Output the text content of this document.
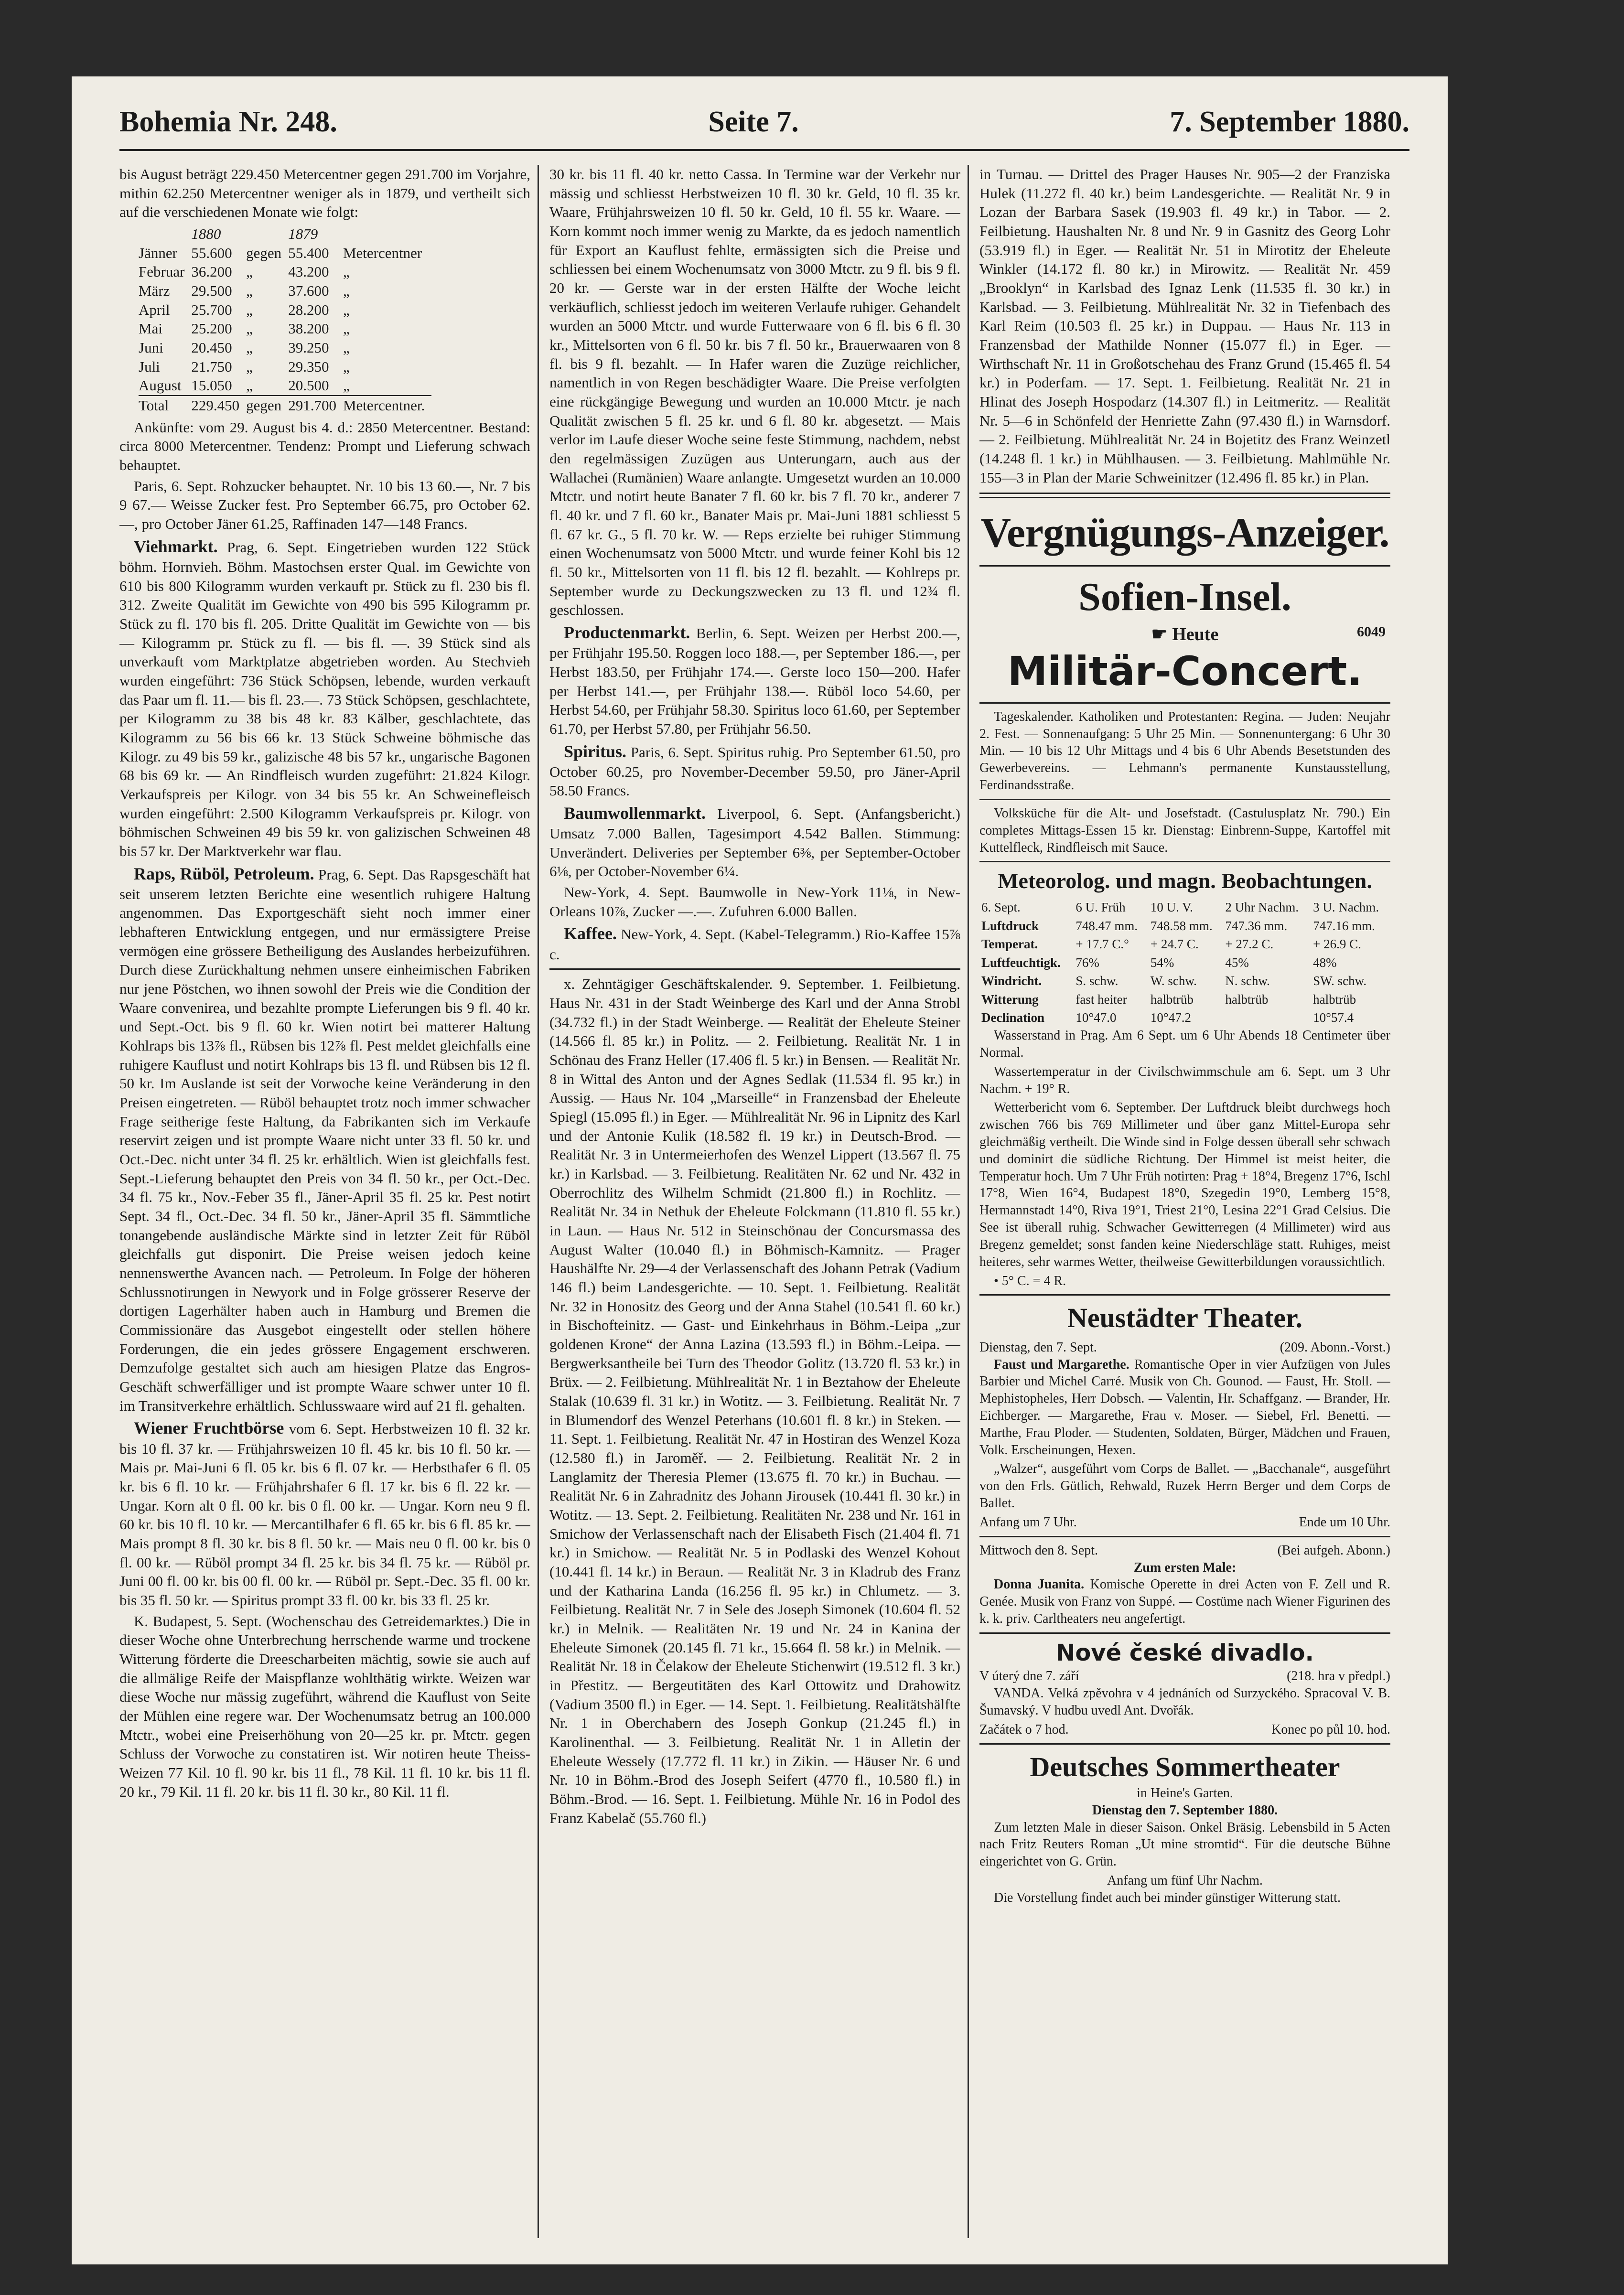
Bohemia Nr. 248.	Seite 7.	7. September 1880.

bis August beträgt 229.450 Metercentner gegen 291.700 im Vorjahre, mithin 62.250 Metercentner weniger als in 1879, und vertheilt sich auf die verschiedenen Monate wie folgt:

	1880		1879	
Jänner	55.600	gegen	55.400	Metercentner
Februar	36.200	„	43.200	„
März	29.500	„	37.600	„
April	25.700	„	28.200	„
Mai	25.200	„	38.200	„
Juni	20.450	„	39.250	„
Juli	21.750	„	29.350	„
August	15.050	„	20.500	„
Total	229.450	gegen	291.700	Metercentner.

Ankünfte: vom 29. August bis 4. d.: 2850 Metercentner. Bestand: circa 8000 Metercentner. Tendenz: Prompt und Lieferung schwach behauptet.

Paris, 6. Sept. Rohzucker behauptet. Nr. 10 bis 13 60.—, Nr. 7 bis 9 67.— Weisse Zucker fest. Pro September 66.75, pro October 62.—, pro October Jäner 61.25, Raffinaden 147—148 Francs.

Viehmarkt. Prag, 6. Sept. Eingetrieben wurden 122 Stück böhm. Hornvieh. Böhm. Mastochsen erster Qual. im Gewichte von 610 bis 800 Kilogramm wurden verkauft pr. Stück zu fl. 230 bis fl. 312. Zweite Qualität im Gewichte von 490 bis 595 Kilogramm pr. Stück zu fl. 170 bis fl. 205. Dritte Qualität im Gewichte von — bis — Kilogramm pr. Stück zu fl. — bis fl. —. 39 Stück sind als unverkauft vom Marktplatze abgetrieben worden. Au Stechvieh wurden eingeführt: 736 Stück Schöpsen, lebende, wurden verkauft das Paar um fl. 11.— bis fl. 23.—. 73 Stück Schöpsen, geschlachtete, per Kilogramm zu 38 bis 48 kr. 83 Kälber, geschlachtete, das Kilogramm zu 56 bis 66 kr. 13 Stück Schweine böhmische das Kilogr. zu 49 bis 59 kr., galizische 48 bis 57 kr., ungarische Bagonen 68 bis 69 kr. — An Rindfleisch wurden zugeführt: 21.824 Kilogr. Verkaufspreis per Kilogr. von 34 bis 55 kr. An Schweinefleisch wurden eingeführt: 2.500 Kilogramm Verkaufspreis pr. Kilogr. von böhmischen Schweinen 49 bis 59 kr. von galizischen Schweinen 48 bis 57 kr. Der Marktverkehr war flau.

Raps, Rüböl, Petroleum. Prag, 6. Sept. Das Rapsgeschäft hat seit unserem letzten Berichte eine wesentlich ruhigere Haltung angenommen. Das Exportgeschäft sieht noch immer einer lebhafteren Entwicklung entgegen, und nur ermässigtere Preise vermögen eine grössere Betheiligung des Auslandes herbeizuführen. Durch diese Zurückhaltung nehmen unsere einheimischen Fabriken nur jene Pöstchen, wo ihnen sowohl der Preis wie die Condition der Waare convenirea, und bezahlte prompte Lieferungen bis 9 fl. 40 kr. und Sept.-Oct. bis 9 fl. 60 kr. Wien notirt bei matterer Haltung Kohlraps bis 13⅞ fl., Rübsen bis 12⅞ fl. Pest meldet gleichfalls eine ruhigere Kauflust und notirt Kohlraps bis 13 fl. und Rübsen bis 12 fl. 50 kr. Im Auslande ist seit der Vorwoche keine Veränderung in den Preisen eingetreten. — Rüböl behauptet trotz noch immer schwacher Frage seitherige feste Haltung, da Fabrikanten sich im Verkaufe reservirt zeigen und ist prompte Waare nicht unter 33 fl. 50 kr. und Oct.-Dec. nicht unter 34 fl. 25 kr. erhältlich. Wien ist gleichfalls fest. Sept.-Lieferung behauptet den Preis von 34 fl. 50 kr., per Oct.-Dec. 34 fl. 75 kr., Nov.-Feber 35 fl., Jäner-April 35 fl. 25 kr. Pest notirt Sept. 34 fl., Oct.-Dec. 34 fl. 50 kr., Jäner-April 35 fl. Sämmtliche tonangebende ausländische Märkte sind in letzter Zeit für Rüböl gleichfalls gut disponirt. Die Preise weisen jedoch keine nennenswerthe Avancen nach. — Petroleum. In Folge der höheren Schlussnotirungen in Newyork und in Folge grösserer Reserve der dortigen Lagerhälter haben auch in Hamburg und Bremen die Commissionäre das Ausgebot eingestellt oder stellen höhere Forderungen, die ein jedes grössere Engagement erschweren. Demzufolge gestaltet sich auch am hiesigen Platze das Engros-Geschäft schwerfälliger und ist prompte Waare schwer unter 10 fl. im Transitverkehre erhältlich. Schlusswaare wird auf 21 fl. gehalten.

Wiener Fruchtbörse vom 6. Sept. Herbstweizen 10 fl. 32 kr. bis 10 fl. 37 kr. — Frühjahrsweizen 10 fl. 45 kr. bis 10 fl. 50 kr. — Mais pr. Mai-Juni 6 fl. 05 kr. bis 6 fl. 07 kr. — Herbsthafer 6 fl. 05 kr. bis 6 fl. 10 kr. — Frühjahrshafer 6 fl. 17 kr. bis 6 fl. 22 kr. — Ungar. Korn alt 0 fl. 00 kr. bis 0 fl. 00 kr. — Ungar. Korn neu 9 fl. 60 kr. bis 10 fl. 10 kr. — Mercantilhafer 6 fl. 65 kr. bis 6 fl. 85 kr. — Mais prompt 8 fl. 30 kr. bis 8 fl. 50 kr. — Mais neu 0 fl. 00 kr. bis 0 fl. 00 kr. — Rüböl prompt 34 fl. 25 kr. bis 34 fl. 75 kr. — Rüböl pr. Juni 00 fl. 00 kr. bis 00 fl. 00 kr. — Rüböl pr. Sept.-Dec. 35 fl. 00 kr. bis 35 fl. 50 kr. — Spiritus prompt 33 fl. 00 kr. bis 33 fl. 25 kr.

K. Budapest, 5. Sept. (Wochenschau des Getreidemarktes.) Die in dieser Woche ohne Unterbrechung herrschende warme und trockene Witterung förderte die Dreescharbeiten mächtig, sowie sie auch auf die allmälige Reife der Maispflanze wohlthätig wirkte. Weizen war diese Woche nur mässig zugeführt, während die Kauflust von Seite der Mühlen eine regere war. Der Wochenumsatz betrug an 100.000 Mtctr., wobei eine Preiserhöhung von 20—25 kr. pr. Mtctr. gegen Schluss der Vorwoche zu constatiren ist. Wir notiren heute Theiss-Weizen 77 Kil. 10 fl. 90 kr. bis 11 fl., 78 Kil. 11 fl. 10 kr. bis 11 fl. 20 kr., 79 Kil. 11 fl. 20 kr. bis 11 fl. 30 kr., 80 Kil. 11 fl.

30 kr. bis 11 fl. 40 kr. netto Cassa. In Termine war der Verkehr nur mässig und schliesst Herbstweizen 10 fl. 30 kr. Geld, 10 fl. 35 kr. Waare, Frühjahrsweizen 10 fl. 50 kr. Geld, 10 fl. 55 kr. Waare. — Korn kommt noch immer wenig zu Markte, da es jedoch namentlich für Export an Kauflust fehlte, ermässigten sich die Preise und schliessen bei einem Wochenumsatz von 3000 Mtctr. zu 9 fl. bis 9 fl. 20 kr. — Gerste war in der ersten Hälfte der Woche leicht verkäuflich, schliesst jedoch im weiteren Verlaufe ruhiger. Gehandelt wurden an 5000 Mtctr. und wurde Futterwaare von 6 fl. bis 6 fl. 30 kr., Mittelsorten von 6 fl. 50 kr. bis 7 fl. 50 kr., Brauerwaaren von 8 fl. bis 9 fl. bezahlt. — In Hafer waren die Zuzüge reichlicher, namentlich in von Regen beschädigter Waare. Die Preise verfolgten eine rückgängige Bewegung und wurden an 10.000 Mtctr. je nach Qualität zwischen 5 fl. 25 kr. und 6 fl. 80 kr. abgesetzt. — Mais verlor im Laufe dieser Woche seine feste Stimmung, nachdem, nebst den regelmässigen Zuzügen aus Unterungarn, auch aus der Wallachei (Rumänien) Waare anlangte. Umgesetzt wurden an 10.000 Mtctr. und notirt heute Banater 7 fl. 60 kr. bis 7 fl. 70 kr., anderer 7 fl. 40 kr. und 7 fl. 60 kr., Banater Mais pr. Mai-Juni 1881 schliesst 5 fl. 67 kr. G., 5 fl. 70 kr. W. — Reps erzielte bei ruhiger Stimmung einen Wochenumsatz von 5000 Mtctr. und wurde feiner Kohl bis 12 fl. 50 kr., Mittelsorten von 11 fl. bis 12 fl. bezahlt. — Kohlreps pr. September wurde zu Deckungszwecken zu 13 fl. und 12¾ fl. geschlossen.

Productenmarkt. Berlin, 6. Sept. Weizen per Herbst 200.—, per Frühjahr 195.50. Roggen loco 188.—, per September 186.—, per Herbst 183.50, per Frühjahr 174.—. Gerste loco 150—200. Hafer per Herbst 141.—, per Frühjahr 138.—. Rüböl loco 54.60, per Herbst 54.60, per Frühjahr 58.30. Spiritus loco 61.60, per September 61.70, per Herbst 57.80, per Frühjahr 56.50.

Spiritus. Paris, 6. Sept. Spiritus ruhig. Pro September 61.50, pro October 60.25, pro November-December 59.50, pro Jäner-April 58.50 Francs.

Baumwollenmarkt. Liverpool, 6. Sept. (Anfangsbericht.) Umsatz 7.000 Ballen, Tagesimport 4.542 Ballen. Stimmung: Unverändert. Deliveries per September 6⅜, per September-October 6⅛, per October-November 6¼.

New-York, 4. Sept. Baumwolle in New-York 11⅛, in New-Orleans 10⅞, Zucker —.—. Zufuhren 6.000 Ballen.

Kaffee. New-York, 4. Sept. (Kabel-Telegramm.) Rio-Kaffee 15⅞ c.

x. Zehntägiger Geschäftskalender. 9. September. 1. Feilbietung. Haus Nr. 431 in der Stadt Weinberge des Karl und der Anna Strobl (34.732 fl.) in der Stadt Weinberge. — Realität der Eheleute Steiner (14.566 fl. 85 kr.) in Politz. — 2. Feilbietung. Realität Nr. 1 in Schönau des Franz Heller (17.406 fl. 5 kr.) in Bensen. — Realität Nr. 8 in Wittal des Anton und der Agnes Sedlak (11.534 fl. 95 kr.) in Aussig. — Haus Nr. 104 „Marseille“ in Franzensbad der Eheleute Spiegl (15.095 fl.) in Eger. — Mühlrealität Nr. 96 in Lipnitz des Karl und der Antonie Kulik (18.582 fl. 19 kr.) in Deutsch-Brod. — Realität Nr. 3 in Untermeierhofen des Wenzel Lippert (13.567 fl. 75 kr.) in Karlsbad. — 3. Feilbietung. Realitäten Nr. 62 und Nr. 432 in Oberrochlitz des Wilhelm Schmidt (21.800 fl.) in Rochlitz. — Realität Nr. 34 in Nethuk der Eheleute Folckmann (11.810 fl. 55 kr.) in Laun. — Haus Nr. 512 in Steinschönau der Concursmassa des August Walter (10.040 fl.) in Böhmisch-Kamnitz. — Prager Haushälfte Nr. 29—4 der Verlassenschaft des Johann Petrak (Vadium 146 fl.) beim Landesgerichte. — 10. Sept. 1. Feilbietung. Realität Nr. 32 in Honositz des Georg und der Anna Stahel (10.541 fl. 60 kr.) in Bischofteinitz. — Gast- und Einkehrhaus in Böhm.-Leipa „zur goldenen Krone“ der Anna Lazina (13.593 fl.) in Böhm.-Leipa. — Bergwerksantheile bei Turn des Theodor Golitz (13.720 fl. 53 kr.) in Brüx. — 2. Feilbietung. Mühlrealität Nr. 1 in Beztahow der Eheleute Stalak (10.639 fl. 31 kr.) in Wotitz. — 3. Feilbietung. Realität Nr. 7 in Blumendorf des Wenzel Peterhans (10.601 fl. 8 kr.) in Steken. — 11. Sept. 1. Feilbietung. Realität Nr. 47 in Hostiran des Wenzel Koza (12.580 fl.) in Jaroměř. — 2. Feilbietung. Realität Nr. 2 in Langlamitz der Theresia Plemer (13.675 fl. 70 kr.) in Buchau. — Realität Nr. 6 in Zahradnitz des Johann Jirousek (10.441 fl. 30 kr.) in Wotitz. — 13. Sept. 2. Feilbietung. Realitäten Nr. 238 und Nr. 161 in Smichow der Verlassenschaft nach der Elisabeth Fisch (21.404 fl. 71 kr.) in Smichow. — Realität Nr. 5 in Podlaski des Wenzel Kohout (10.441 fl. 14 kr.) in Beraun. — Realität Nr. 3 in Kladrub des Franz und der Katharina Landa (16.256 fl. 95 kr.) in Chlumetz. — 3. Feilbietung. Realität Nr. 7 in Sele des Joseph Simonek (10.604 fl. 52 kr.) in Melnik. — Realitäten Nr. 19 und Nr. 24 in Kanina der Eheleute Simonek (20.145 fl. 71 kr., 15.664 fl. 58 kr.) in Melnik. — Realität Nr. 18 in Čelakow der Eheleute Stichenwirt (19.512 fl. 3 kr.) in Přestitz. — Bergeutitäten des Karl Ottowitz und Drahowitz (Vadium 3500 fl.) in Eger. — 14. Sept. 1. Feilbietung. Realitätshälfte Nr. 1 in Oberchabern des Joseph Gonkup (21.245 fl.) in Karolinenthal. — 3. Feilbietung. Realität Nr. 1 in Alletin der Eheleute Wessely (17.772 fl. 11 kr.) in Zikin. — Häuser Nr. 6 und Nr. 10 in Böhm.-Brod des Joseph Seifert (4770 fl., 10.580 fl.) in Böhm.-Brod. — 16. Sept. 1. Feilbietung. Mühle Nr. 16 in Podol des Franz Kabelač (55.760 fl.)

in Turnau. — Drittel des Prager Hauses Nr. 905—2 der Franziska Hulek (11.272 fl. 40 kr.) beim Landesgerichte. — Realität Nr. 9 in Lozan der Barbara Sasek (19.903 fl. 49 kr.) in Tabor. — 2. Feilbietung. Haushalten Nr. 8 und Nr. 9 in Gasnitz des Georg Lohr (53.919 fl.) in Eger. — Realität Nr. 51 in Mirotitz der Eheleute Winkler (14.172 fl. 80 kr.) in Mirowitz. — Realität Nr. 459 „Brooklyn“ in Karlsbad des Ignaz Lenk (11.535 fl. 30 kr.) in Karlsbad. — 3. Feilbietung. Mühlrealität Nr. 32 in Tiefenbach des Karl Reim (10.503 fl. 25 kr.) in Duppau. — Haus Nr. 113 in Franzensbad der Mathilde Nonner (15.077 fl.) in Eger. — Wirthschaft Nr. 11 in Großotschehau des Franz Grund (15.465 fl. 54 kr.) in Poderfam. — 17. Sept. 1. Feilbietung. Realität Nr. 21 in Hlinat des Joseph Hospodarz (14.307 fl.) in Leitmeritz. — Realität Nr. 5—6 in Schönfeld der Henriette Zahn (97.430 fl.) in Warnsdorf. — 2. Feilbietung. Mühlrealität Nr. 24 in Bojetitz des Franz Weinzetl (14.248 fl. 1 kr.) in Mühlhausen. — 3. Feilbietung. Mahlmühle Nr. 155—3 in Plan der Marie Schweinitzer (12.496 fl. 85 kr.) in Plan.

Vergnügungs-Anzeiger.
Sofien-Insel.
☛ Heute	6049
Militär-Concert.

Tageskalender. Katholiken und Protestanten: Regina. — Juden: Neujahr 2. Fest. — Sonnenaufgang: 5 Uhr 25 Min. — Sonnenuntergang: 6 Uhr 30 Min. — 10 bis 12 Uhr Mittags und 4 bis 6 Uhr Abends Besetstunden des Gewerbevereins. — Lehmann's permanente Kunstausstellung, Ferdinandsstraße.

Volksküche für die Alt- und Josefstadt. (Castulusplatz Nr. 790.) Ein completes Mittags-Essen 15 kr. Dienstag: Einbrenn-Suppe, Kartoffel mit Kuttelfleck, Rindfleisch mit Sauce.

Meteorolog. und magn. Beobachtungen.
6. Sept.	6 U. Früh	10 U. V.	2 Uhr Nachm.	3 U. Nachm.
Luftdruck	748.47 mm.	748.58 mm.	747.36 mm.	747.16 mm.
Temperat.	+ 17.7 C.°	+ 24.7 C.	+ 27.2 C.	+ 26.9 C.
Luftfeuchtigk.	76%	54%	45%	48%
Windricht.	S. schw.	W. schw.	N. schw.	SW. schw.
Witterung	fast heiter	halbtrüb	halbtrüb	halbtrüb
Declination	10°47.0	10°47.2		10°57.4

Wasserstand in Prag. Am 6 Sept. um 6 Uhr Abends 18 Centimeter über Normal.

Wassertemperatur in der Civilschwimmschule am 6. Sept. um 3 Uhr Nachm. + 19° R.

Wetterbericht vom 6. September. Der Luftdruck bleibt durchwegs hoch zwischen 766 bis 769 Millimeter und über ganz Mittel-Europa sehr gleichmäßig vertheilt. Die Winde sind in Folge dessen überall sehr schwach und dominirt die südliche Richtung. Der Himmel ist meist heiter, die Temperatur hoch. Um 7 Uhr Früh notirten: Prag + 18°4, Bregenz 17°6, Ischl 17°8, Wien 16°4, Budapest 18°0, Szegedin 19°0, Lemberg 15°8, Hermannstadt 14°0, Riva 19°1, Triest 21°0, Lesina 22°1 Grad Celsius. Die See ist überall ruhig. Schwacher Gewitterregen (4 Millimeter) wird aus Bregenz gemeldet; sonst fanden keine Niederschläge statt. Ruhiges, meist heiteres, sehr warmes Wetter, theilweise Gewitterbildungen voraussichtlich.

• 5° C. = 4 R.

Neustädter Theater.
Dienstag, den 7. Sept.	(209. Abonn.-Vorst.)

Faust und Margarethe. Romantische Oper in vier Aufzügen von Jules Barbier und Michel Carré. Musik von Ch. Gounod. — Faust, Hr. Stoll. — Mephistopheles, Herr Dobsch. — Valentin, Hr. Schaffganz. — Brander, Hr. Eichberger. — Margarethe, Frau v. Moser. — Siebel, Frl. Benetti. — Marthe, Frau Ploder. — Studenten, Soldaten, Bürger, Mädchen und Frauen, Volk. Erscheinungen, Hexen.

„Walzer“, ausgeführt vom Corps de Ballet. — „Bacchanale“, ausgeführt von den Frls. Gütlich, Rehwald, Ruzek Herrn Berger und dem Corps de Ballet.

Anfang um 7 Uhr.	Ende um 10 Uhr.
Mittwoch den 8. Sept.	(Bei aufgeh. Abonn.)
Zum ersten Male:

Donna Juanita. Komische Operette in drei Acten von F. Zell und R. Genée. Musik von Franz von Suppé. — Costüme nach Wiener Figurinen des k. k. priv. Carltheaters neu angefertigt.

Nové české divadlo.
V úterý dne 7. září	(218. hra v předpl.)

VANDA. Velká zpěvohra v 4 jednáních od Surzyckého. Spracoval V. B. Šumavský. V hudbu uvedl Ant. Dvořák.

Začátek o 7 hod.	Konec po půl 10. hod.
Deutsches Sommertheater
in Heine's Garten.
Dienstag den 7. September 1880.

Zum letzten Male in dieser Saison. Onkel Bräsig. Lebensbild in 5 Acten nach Fritz Reuters Roman „Ut mine stromtid“. Für die deutsche Bühne eingerichtet von G. Grün.

Anfang um fünf Uhr Nachm.

Die Vorstellung findet auch bei minder günstiger Witterung statt.
